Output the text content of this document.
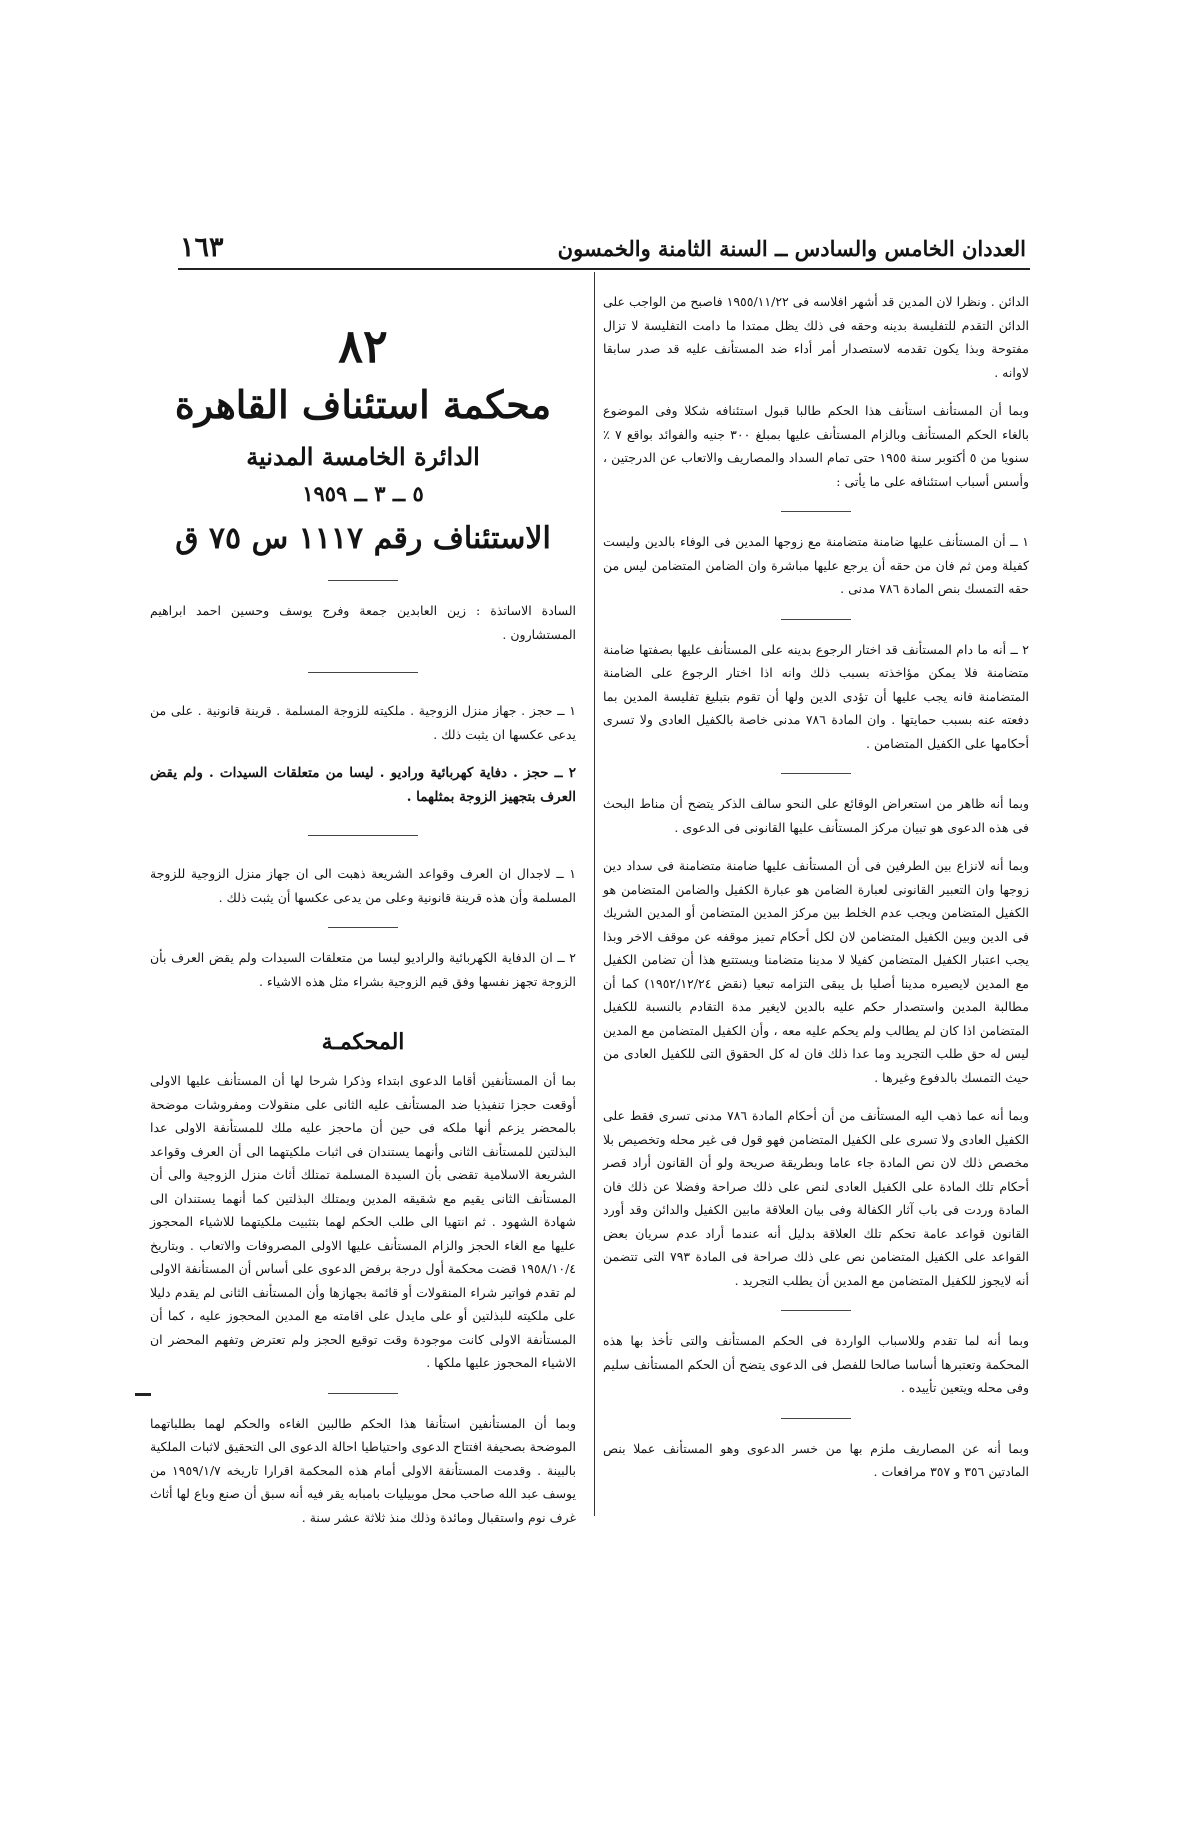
العددان الخامس والسادس ــ السنة الثامنة والخمسون
١٦٣

الدائن . ونظرا لان المدين قد أشهر افلاسه فى ١٩٥٥/١١/٢٢ فاصبح من الواجب على الدائن التقدم للتفليسة بدينه وحقه فى ذلك يظل ممتدا ما دامت التفليسة لا تزال مفتوحة وبذا يكون تقدمه لاستصدار أمر أداء ضد المستأنف عليه قد صدر سابقا لاوانه .

وبما أن المستأنف استأنف هذا الحكم طالبا قبول استئنافه شكلا وفى الموضوع بالغاء الحكم المستأنف وبالزام المستأنف عليها بمبلغ ٣٠٠ جنيه والفوائد بواقع ٧ ٪ سنويا من ٥ أكتوبر سنة ١٩٥٥ حتى تمام السداد والمصاريف والاتعاب عن الدرجتين ، وأسس أسباب استئنافه على ما يأتى :

١ ــ أن المستأنف عليها ضامنة متضامنة مع زوجها المدين فى الوفاء بالدين وليست كفيلة ومن ثم فان من حقه أن يرجع عليها مباشرة وان الضامن المتضامن ليس من حقه التمسك بنص المادة ٧٨٦ مدنى .

٢ ــ أنه ما دام المستأنف قد اختار الرجوع بدينه على المستأنف عليها بصفتها ضامنة متضامنة فلا يمكن مؤاخذته بسبب ذلك وانه اذا اختار الرجوع على الضامنة المتضامنة فانه يجب عليها أن تؤدى الدين ولها أن تقوم بتبليغ تفليسة المدين بما دفعته عنه بسبب حمايتها . وان المادة ٧٨٦ مدنى خاصة بالكفيل العادى ولا تسرى أحكامها على الكفيل المتضامن .

وبما أنه ظاهر من استعراض الوقائع على النحو سالف الذكر يتضح أن مناط البحث فى هذه الدعوى هو تبيان مركز المستأنف عليها القانونى فى الدعوى .

وبما أنه لانزاع بين الطرفين فى أن المستأنف عليها ضامنة متضامنة فى سداد دين زوجها وان التعبير القانونى لعبارة الضامن هو عبارة الكفيل والضامن المتضامن هو الكفيل المتضامن ويجب عدم الخلط بين مركز المدين المتضامن أو المدين الشريك فى الدين وبين الكفيل المتضامن لان لكل أحكام تميز موقفه عن موقف الاخر وبذا يجب اعتبار الكفيل المتضامن كفيلا لا مدينا متضامنا ويستتبع هذا أن تضامن الكفيل مع المدين لايصيره مدينا أصليا بل يبقى التزامه تبعيا (نقض ١٩٥٢/١٢/٢٤) كما أن مطالبة المدين واستصدار حكم عليه بالدين لايغير مدة التقادم بالنسبة للكفيل المتضامن اذا كان لم يطالب ولم يحكم عليه معه ، وأن الكفيل المتضامن مع المدين ليس له حق طلب التجريد وما عدا ذلك فان له كل الحقوق التى للكفيل العادى من حيث التمسك بالدفوع وغيرها .

وبما أنه عما ذهب اليه المستأنف من أن أحكام المادة ٧٨٦ مدنى تسرى فقط على الكفيل العادى ولا تسرى على الكفيل المتضامن فهو قول فى غير محله وتخصيص بلا مخصص ذلك لان نص المادة جاء عاما وبطريقة صريحة ولو أن القانون أراد قصر أحكام تلك المادة على الكفيل العادى لنص على ذلك صراحة وفضلا عن ذلك فان المادة وردت فى باب آثار الكفالة وفى بيان العلاقة مابين الكفيل والدائن وقد أورد القانون قواعد عامة تحكم تلك العلاقة بدليل أنه عندما أراد عدم سريان بعض القواعد على الكفيل المتضامن نص على ذلك صراحة فى المادة ٧٩٣ التى تتضمن أنه لايجوز للكفيل المتضامن مع المدين أن يطلب التجريد .

وبما أنه لما تقدم وللاسباب الواردة فى الحكم المستأنف والتى تأخذ بها هذه المحكمة وتعتبرها أساسا صالحا للفصل فى الدعوى يتضح أن الحكم المستأنف سليم وفى محله ويتعين تأييده .

وبما أنه عن المصاريف ملزم بها من خسر الدعوى وهو المستأنف عملا بنص المادتين ٣٥٦ و ٣٥٧ مرافعات .

٨٢
محكمة استئناف القاهرة
الدائرة الخامسة المدنية
٥ ــ ٣ ــ ١٩٥٩
الاستئناف رقم ١١١٧ س ٧٥ ق

السادة الاساتذة : زين العابدين جمعة وفرج يوسف وحسين احمد ابراهيم المستشارون .

١ ــ حجز . جهاز منزل الزوجية . ملكيته للزوجة المسلمة . قرينة قانونية . على من يدعى عكسها ان يثبت ذلك .

٢ ــ حجز . دفاية كهربائية وراديو . ليسا من متعلقات السيدات . ولم يقض العرف بتجهيز الزوجة بمثلهما .

١ ــ لاجدال ان العرف وقواعد الشريعة ذهبت الى ان جهاز منزل الزوجية للزوجة المسلمة وأن هذه قرينة قانونية وعلى من يدعى عكسها أن يثبت ذلك .

٢ ــ ان الدفاية الكهربائية والراديو ليسا من متعلقات السيدات ولم يقض العرف بأن الزوجة تجهز نفسها وفق قيم الزوجية بشراء مثل هذه الاشياء .

المحكمـة

بما أن المستأنفين أقاما الدعوى ابتداء وذكرا شرحا لها أن المستأنف عليها الاولى أوقعت حجزا تنفيذيا ضد المستأنف عليه الثانى على منقولات ومفروشات موضحة بالمحضر يزعم أنها ملكه فى حين أن ماحجز عليه ملك للمستأنفة الاولى عدا البذلتين للمستأنف الثانى وأنهما يستندان فى اثبات ملكيتهما الى أن العرف وقواعد الشريعة الاسلامية تقضى بأن السيدة المسلمة تمتلك أثاث منزل الزوجية والى أن المستأنف الثانى يقيم مع شقيقه المدين ويمتلك البذلتين كما أنهما يستندان الى شهادة الشهود . ثم انتهيا الى طلب الحكم لهما بتثبيت ملكيتهما للاشياء المحجوز عليها مع الغاء الحجز والزام المستأنف عليها الاولى المصروفات والاتعاب . وبتاريخ ١٩٥٨/١٠/٤ قضت محكمة أول درجة برفض الدعوى على أساس أن المستأنفة الاولى لم تقدم فواتير شراء المنقولات أو قائمة بجهازها وأن المستأنف الثانى لم يقدم دليلا على ملكيته للبذلتين أو على مايدل على اقامته مع المدين المحجوز عليه ، كما أن المستأنفة الاولى كانت موجودة وقت توقيع الحجز ولم تعترض وتفهم المحضر ان الاشياء المحجوز عليها ملكها .

وبما أن المستأنفين استأنفا هذا الحكم طالبين الغاءه والحكم لهما بطلباتهما الموضحة بصحيفة افتتاح الدعوى واحتياطيا احالة الدعوى الى التحقيق لاثبات الملكية بالبينة . وقدمت المستأنفة الاولى أمام هذه المحكمة اقرارا تاريخه ١٩٥٩/١/٧ من يوسف عبد الله صاحب محل موبيليات بامبابه يقر فيه أنه سبق أن صنع وباع لها أثاث غرف نوم واستقبال ومائدة وذلك منذ ثلاثة عشر سنة .
